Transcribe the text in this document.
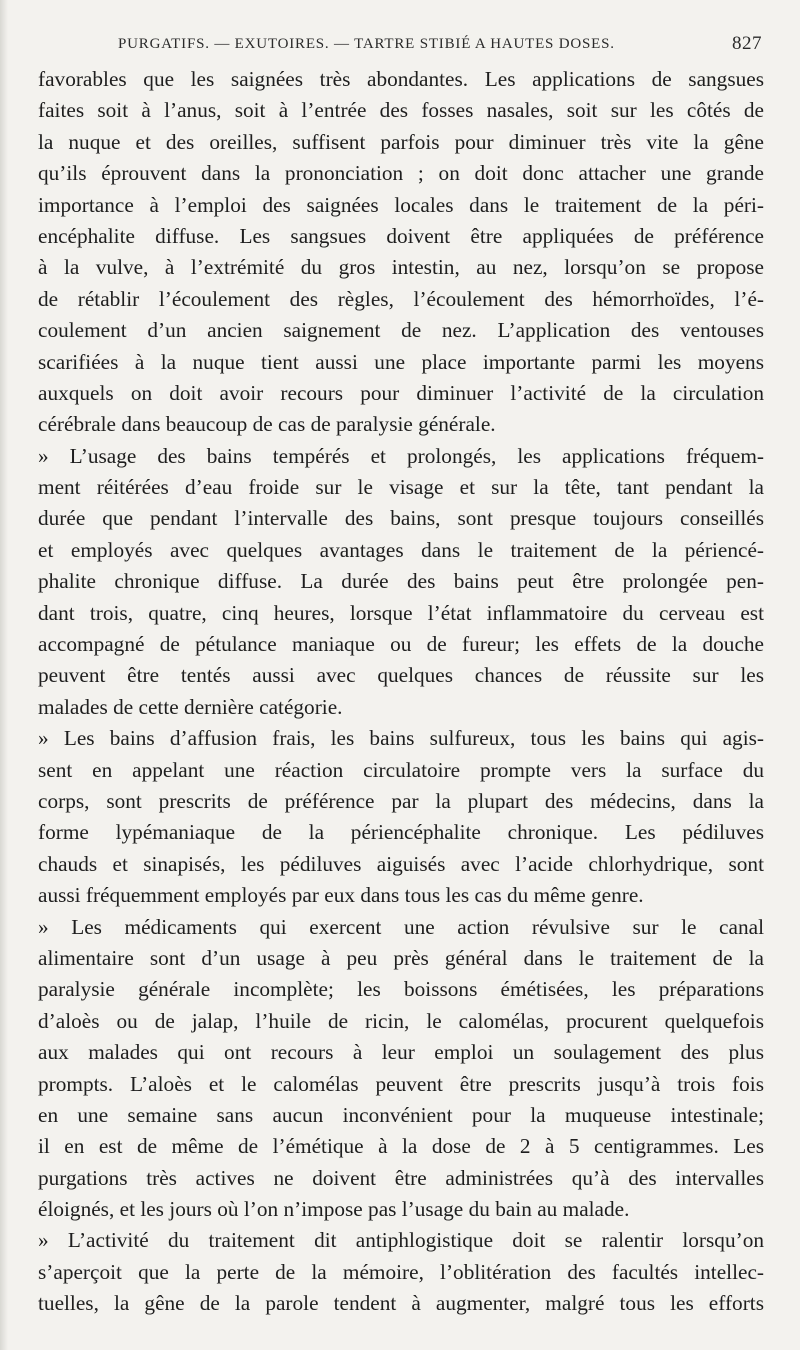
PURGATIFS. — EXUTOIRES. — TARTRE STIBIÉ A HAUTES DOSES.	827
favorables que les saignées très abondantes. Les applications de sangsues
faites soit à l’anus, soit à l’entrée des fosses nasales, soit sur les côtés de
la nuque et des oreilles, suffisent parfois pour diminuer très vite la gêne
qu’ils éprouvent dans la prononciation ; on doit donc attacher une grande
importance à l’emploi des saignées locales dans le traitement de la péri-
encéphalite diffuse. Les sangsues doivent être appliquées de préférence
à la vulve, à l’extrémité du gros intestin, au nez, lorsqu’on se propose
de rétablir l’écoulement des règles, l’écoulement des hémorrhoïdes, l’é-
coulement d’un ancien saignement de nez. L’application des ventouses
scarifiées à la nuque tient aussi une place importante parmi les moyens
auxquels on doit avoir recours pour diminuer l’activité de la circulation
cérébrale dans beaucoup de cas de paralysie générale.
» L’usage des bains tempérés et prolongés, les applications fréquem-
ment réitérées d’eau froide sur le visage et sur la tête, tant pendant la
durée que pendant l’intervalle des bains, sont presque toujours conseillés
et employés avec quelques avantages dans le traitement de la périencé-
phalite chronique diffuse. La durée des bains peut être prolongée pen-
dant trois, quatre, cinq heures, lorsque l’état inflammatoire du cerveau est
accompagné de pétulance maniaque ou de fureur; les effets de la douche
peuvent être tentés aussi avec quelques chances de réussite sur les
malades de cette dernière catégorie.
» Les bains d’affusion frais, les bains sulfureux, tous les bains qui agis-
sent en appelant une réaction circulatoire prompte vers la surface du
corps, sont prescrits de préférence par la plupart des médecins, dans la
forme lypémaniaque de la périencéphalite chronique. Les pédiluves
chauds et sinapisés, les pédiluves aiguisés avec l’acide chlorhydrique, sont
aussi fréquemment employés par eux dans tous les cas du même genre.
» Les médicaments qui exercent une action révulsive sur le canal
alimentaire sont d’un usage à peu près général dans le traitement de la
paralysie générale incomplète; les boissons émétisées, les préparations
d’aloès ou de jalap, l’huile de ricin, le calomélas, procurent quelquefois
aux malades qui ont recours à leur emploi un soulagement des plus
prompts. L’aloès et le calomélas peuvent être prescrits jusqu’à trois fois
en une semaine sans aucun inconvénient pour la muqueuse intestinale;
il en est de même de l’émétique à la dose de 2 à 5 centigrammes. Les
purgations très actives ne doivent être administrées qu’à des intervalles
éloignés, et les jours où l’on n’impose pas l’usage du bain au malade.
» L’activité du traitement dit antiphlogistique doit se ralentir lorsqu’on
s’aperçoit que la perte de la mémoire, l’oblitération des facultés intellec-
tuelles, la gêne de la parole tendent à augmenter, malgré tous les efforts
